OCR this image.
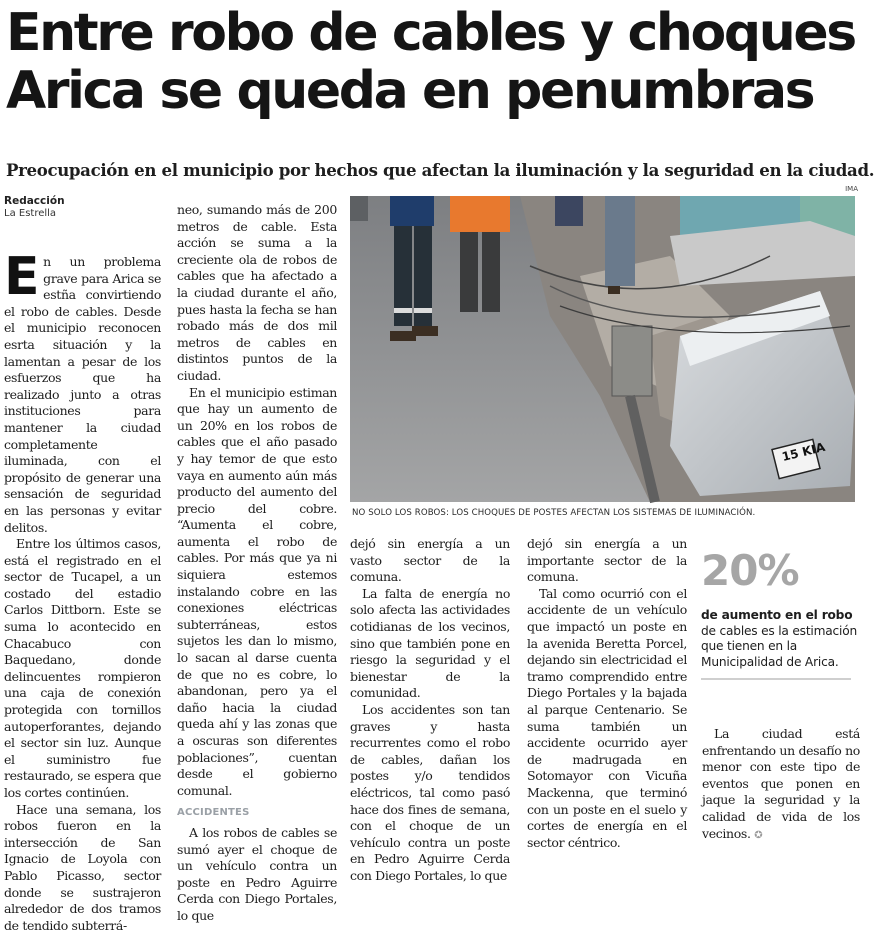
Entre robo de cables y choques
Arica se queda en penumbras
Preocupación en el municipio por hechos que afectan la iluminación y la seguridad en la ciudad.
IMA
Redacción
La Estrella

En un problema grave para Arica se estña convirtiendo el robo de cables. Desde el municipio reconocen esrta situación y la lamentan a pesar de los esfuerzos que ha realizado junto a otras instituciones para mantener la ciudad completamente iluminada, con el propósito de generar una sensación de seguridad en las personas y evitar delitos.

Entre los últimos casos, está el registrado en el sector de Tucapel, a un costado del estadio Carlos Dittborn. Este se suma lo acontecido en Chacabuco con Baquedano, donde delincuentes rompieron una caja de conexión protegida con tornillos autoperforantes, dejando el sector sin luz. Aunque el suministro fue restaurado, se espera que los cortes continúen.

Hace una semana, los robos fueron en la intersección de San Ignacio de Loyola con Pablo Picasso, sector donde se sustrajeron alrededor de dos tramos de tendido subterrá-

neo, sumando más de 200 metros de cable. Esta acción se suma a la creciente ola de robos de cables que ha afectado a la ciudad durante el año, pues hasta la fecha se han robado más de dos mil metros de cables en distintos puntos de la ciudad.

En el municipio estiman que hay un aumento de un 20% en los robos de cables que el año pasado y hay temor de que esto vaya en aumento aún más producto del aumento del precio del cobre. “Aumenta el cobre, aumenta el robo de cables. Por más que ya ni siquiera estemos instalando cobre en las conexiones eléctricas subterráneas, estos sujetos les dan lo mismo, lo sacan al darse cuenta de que no es cobre, lo abandonan, pero ya el daño hacia la ciudad queda ahí y las zonas que a oscuras son diferentes poblaciones”, cuentan desde el gobierno comunal.

ACCIDENTES

A los robos de cables se sumó ayer el choque de un vehículo contra un poste en Pedro Aguirre Cerda con Diego Portales, lo que

15 KIA
NO SOLO LOS ROBOS: LOS CHOQUES DE POSTES AFECTAN LOS SISTEMAS DE ILUMINACIÓN.

dejó sin energía a un vasto sector de la comuna.

La falta de energía no solo afecta las actividades cotidianas de los vecinos, sino que también pone en riesgo la seguridad y el bienestar de la comunidad.

Los accidentes son tan graves y hasta recurrentes como el robo de cables, dañan los postes y/o tendidos eléctricos, tal como pasó hace dos fines de semana, con el choque de un vehículo contra un poste en Pedro Aguirre Cerda con Diego Portales, lo que

dejó sin energía a un importante sector de la comuna.

Tal como ocurrió con el accidente de un vehículo que impactó un poste en la avenida Beretta Porcel, dejando sin electricidad el tramo comprendido entre Diego Portales y la bajada al parque Centenario. Se suma también un accidente ocurrido ayer de madrugada en Sotomayor con Vicuña Mackenna, que terminó con un poste en el suelo y cortes de energía en el sector céntrico.

20%
de aumento en el robo de cables es la estimación que tienen en la Municipalidad de Arica.

La ciudad está enfrentando un desafío no menor con este tipo de eventos que ponen en jaque la seguridad y la calidad de vida de los vecinos. ✪
